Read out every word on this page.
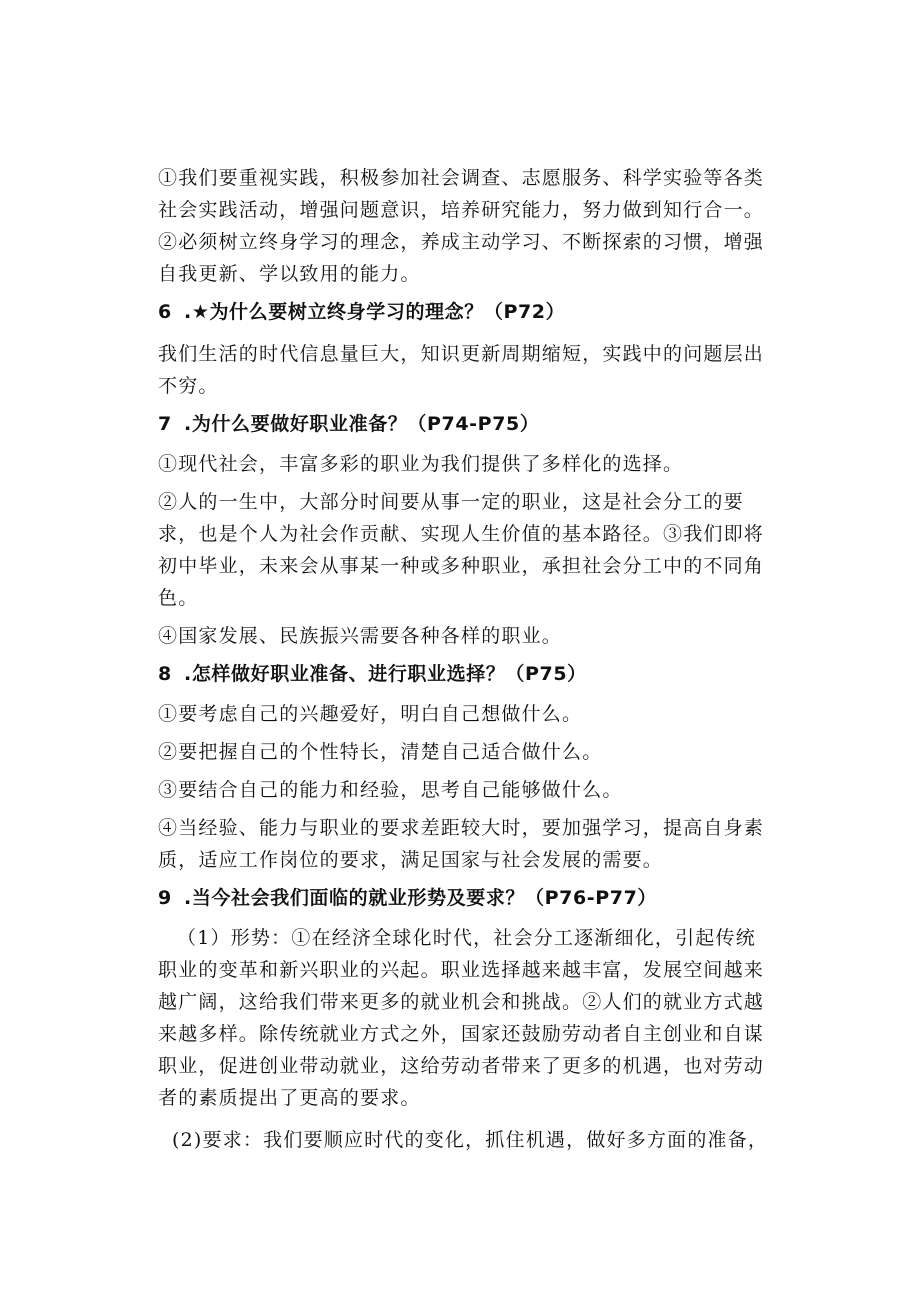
①我们要重视实践，积极参加社会调查、志愿服务、科学实验等各类社会实践活动，增强问题意识，培养研究能力，努力做到知行合一。②必须树立终身学习的理念，养成主动学习、不断探索的习惯，增强自我更新、学以致用的能力。

6 .★为什么要树立终身学习的理念？（P72）

我们生活的时代信息量巨大，知识更新周期缩短，实践中的问题层出不穷。

7 .为什么要做好职业准备？（P74-P75）

①现代社会，丰富多彩的职业为我们提供了多样化的选择。

②人的一生中，大部分时间要从事一定的职业，这是社会分工的要求，也是个人为社会作贡献、实现人生价值的基本路径。③我们即将初中毕业，未来会从事某一种或多种职业，承担社会分工中的不同角色。

④国家发展、民族振兴需要各种各样的职业。

8 .怎样做好职业准备、进行职业选择？（P75）

①要考虑自己的兴趣爱好，明白自己想做什么。

②要把握自己的个性特长，清楚自己适合做什么。

③要结合自己的能力和经验，思考自己能够做什么。

④当经验、能力与职业的要求差距较大时，要加强学习，提高自身素质，适应工作岗位的要求，满足国家与社会发展的需要。

9 .当今社会我们面临的就业形势及要求？（P76-P77）

（1）形势：①在经济全球化时代，社会分工逐渐细化，引起传统职业的变革和新兴职业的兴起。职业选择越来越丰富，发展空间越来越广阔，这给我们带来更多的就业机会和挑战。②人们的就业方式越来越多样。除传统就业方式之外，国家还鼓励劳动者自主创业和自谋职业，促进创业带动就业，这给劳动者带来了更多的机遇，也对劳动者的素质提出了更高的要求。

(2)要求：我们要顺应时代的变化，抓住机遇，做好多方面的准备，
